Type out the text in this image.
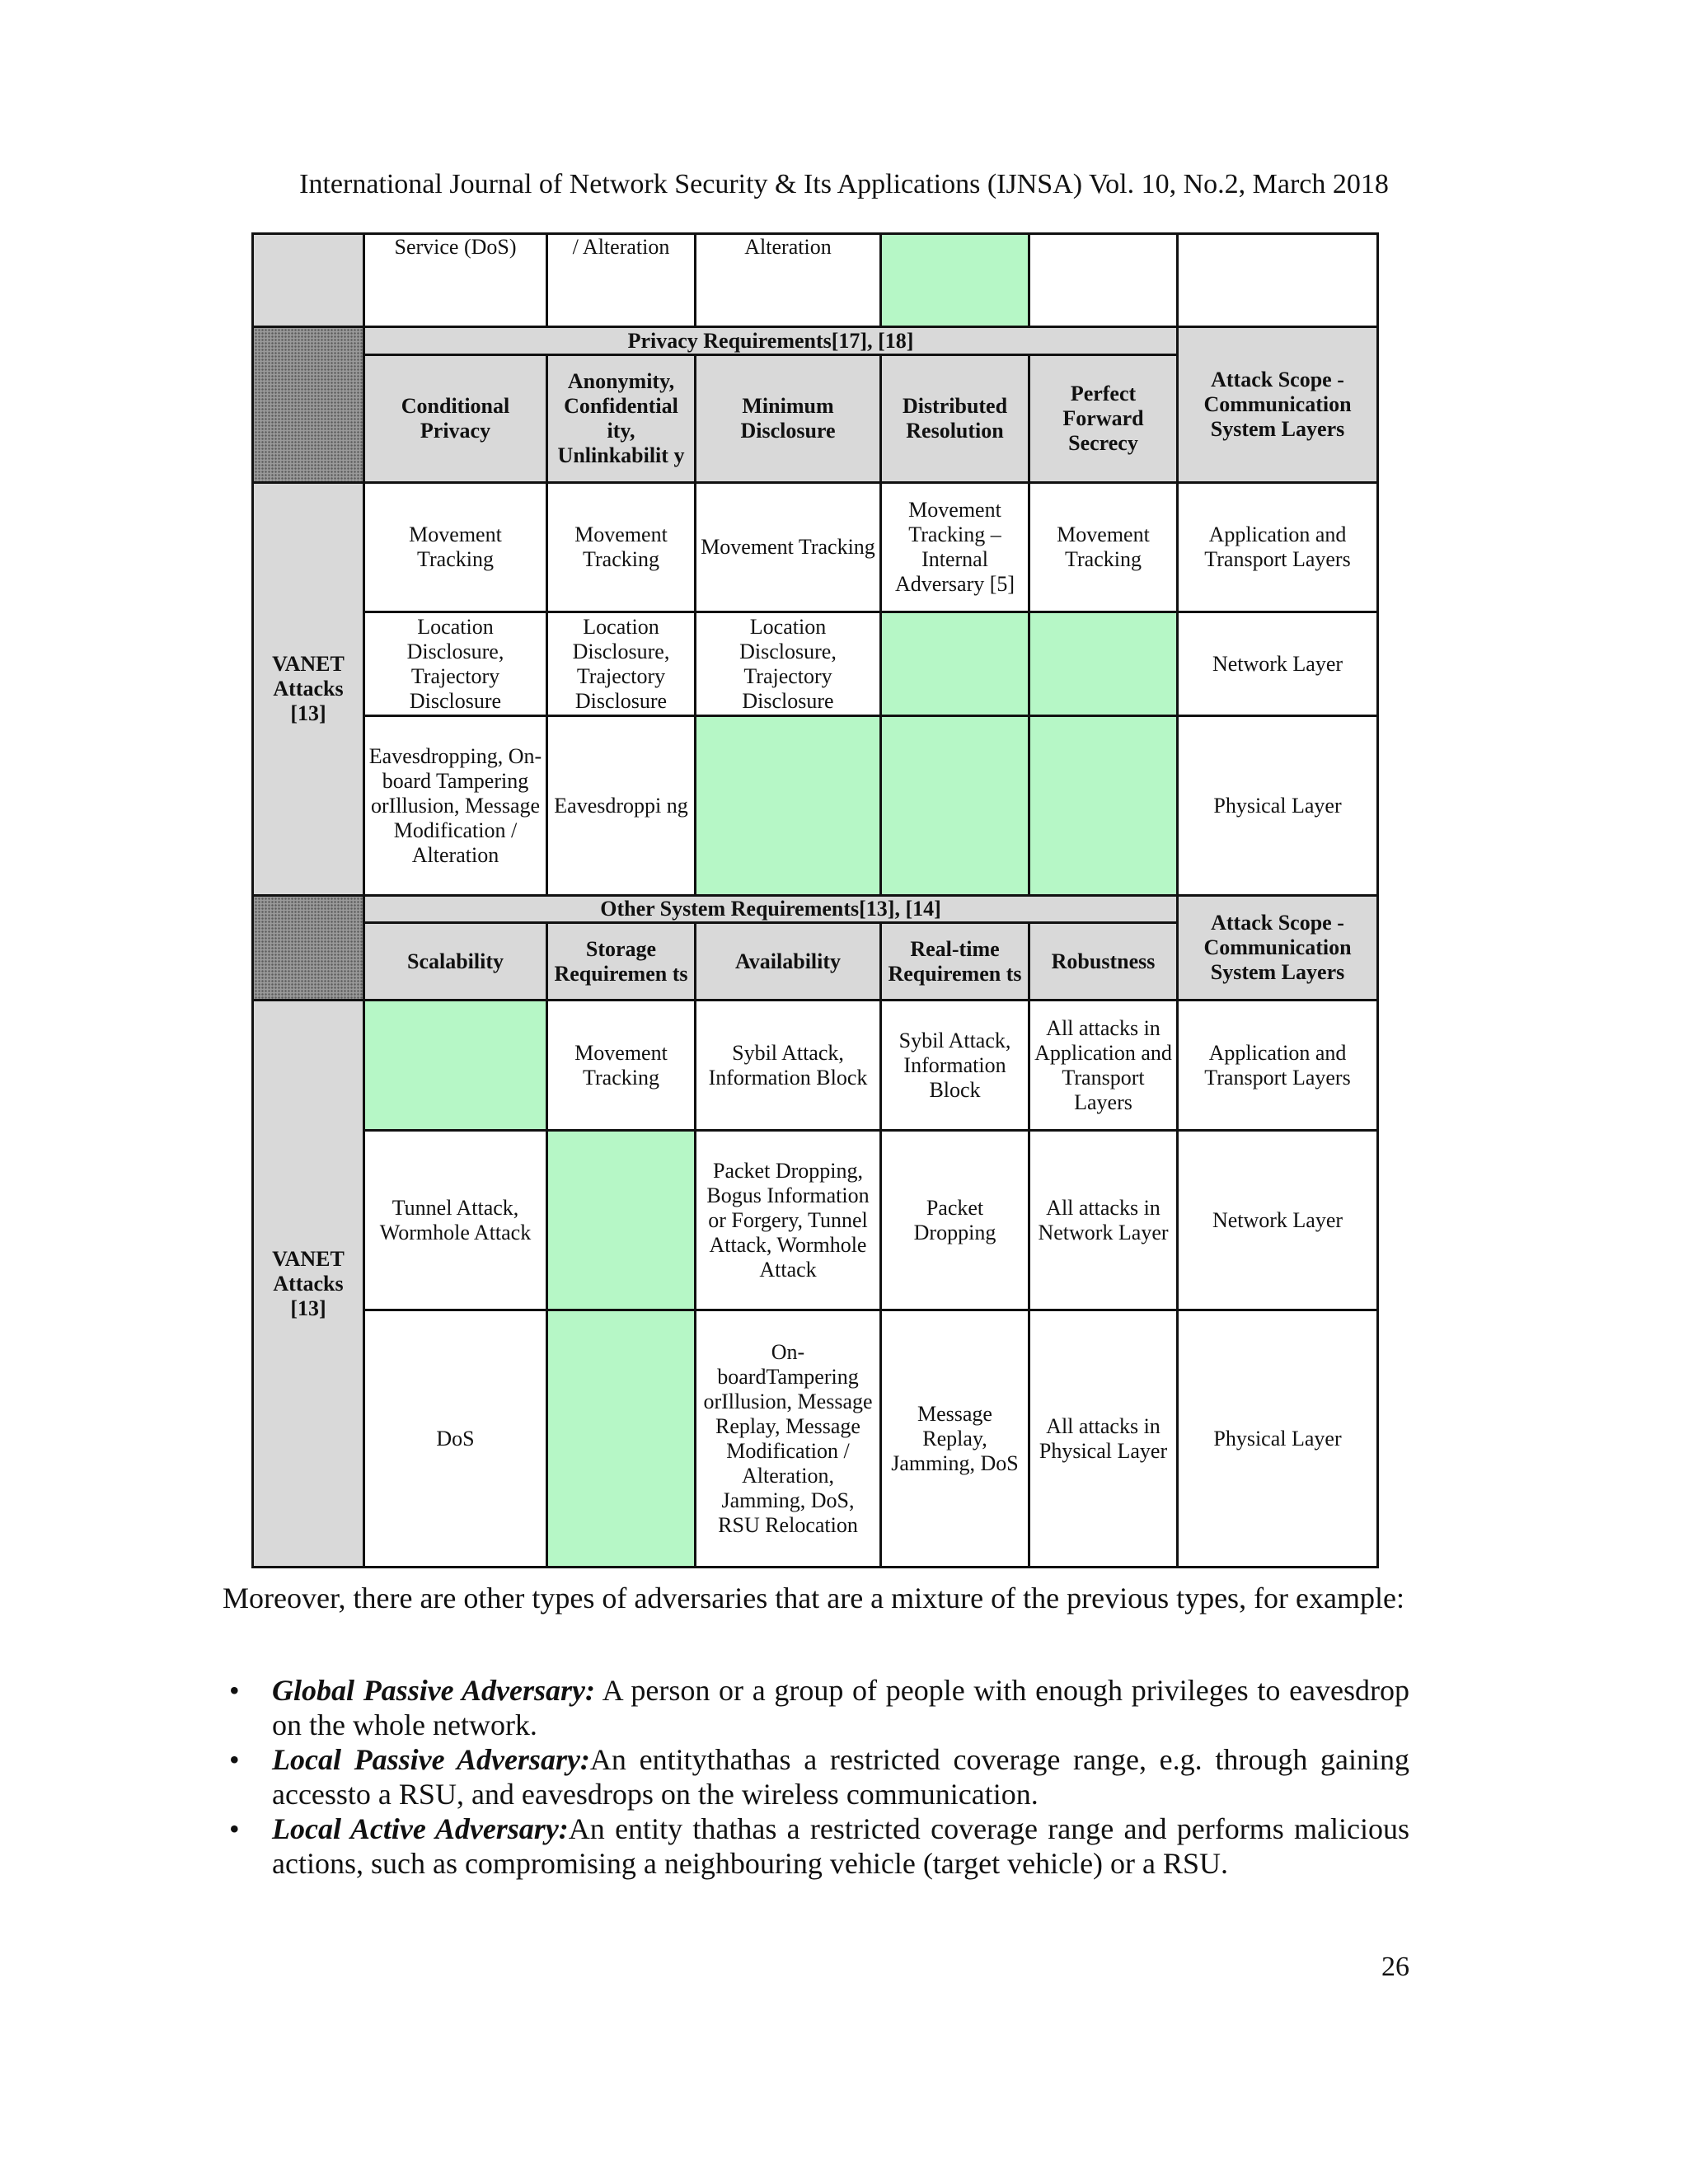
International Journal of Network Security & Its Applications (IJNSA) Vol. 10, No.2, March 2018
	Service (DoS)	/ Alteration	Alteration			
	Privacy Requirements[17], [18]					Attack Scope - Communication System Layers
	Conditional Privacy	Anonymity, Confidential ity, Unlinkabilit y	Minimum Disclosure	Distributed Resolution	Perfect Forward Secrecy	
VANET Attacks [13]	Movement Tracking	Movement Tracking	Movement Tracking	Movement Tracking – Internal Adversary [5]	Movement Tracking	Application and Transport Layers
	Location Disclosure, Trajectory Disclosure	Location Disclosure, Trajectory Disclosure	Location Disclosure, Trajectory Disclosure			Network Layer
	Eavesdropping, On-board Tampering orIllusion, Message Modification / Alteration	Eavesdroppi ng				Physical Layer
	Other System Requirements[13], [14]					Attack Scope - Communication System Layers
	Scalability	Storage Requiremen ts	Availability	Real-time Requiremen ts	Robustness	
VANET Attacks [13]		Movement Tracking	Sybil Attack, Information Block	Sybil Attack, Information Block	All attacks in Application and Transport Layers	Application and Transport Layers
	Tunnel Attack, Wormhole Attack		Packet Dropping, Bogus Information or Forgery, Tunnel Attack, Wormhole Attack	Packet Dropping	All attacks in Network Layer	Network Layer
	DoS		On- boardTampering orIllusion, Message Replay, Message Modification / Alteration, Jamming, DoS, RSU Relocation	Message Replay, Jamming, DoS	All attacks in Physical Layer	Physical Layer
Moreover, there are other types of adversaries that are a mixture of the previous types, for example:
• Global Passive Adversary: A person or a group of people with enough privileges to eavesdrop on the whole network.
• Local Passive Adversary:An entitythathas a restricted coverage range, e.g. through gaining accessto a RSU, and eavesdrops on the wireless communication.
• Local Active Adversary:An entity thathas a restricted coverage range and performs malicious actions, such as compromising a neighbouring vehicle (target vehicle) or a RSU.
26
